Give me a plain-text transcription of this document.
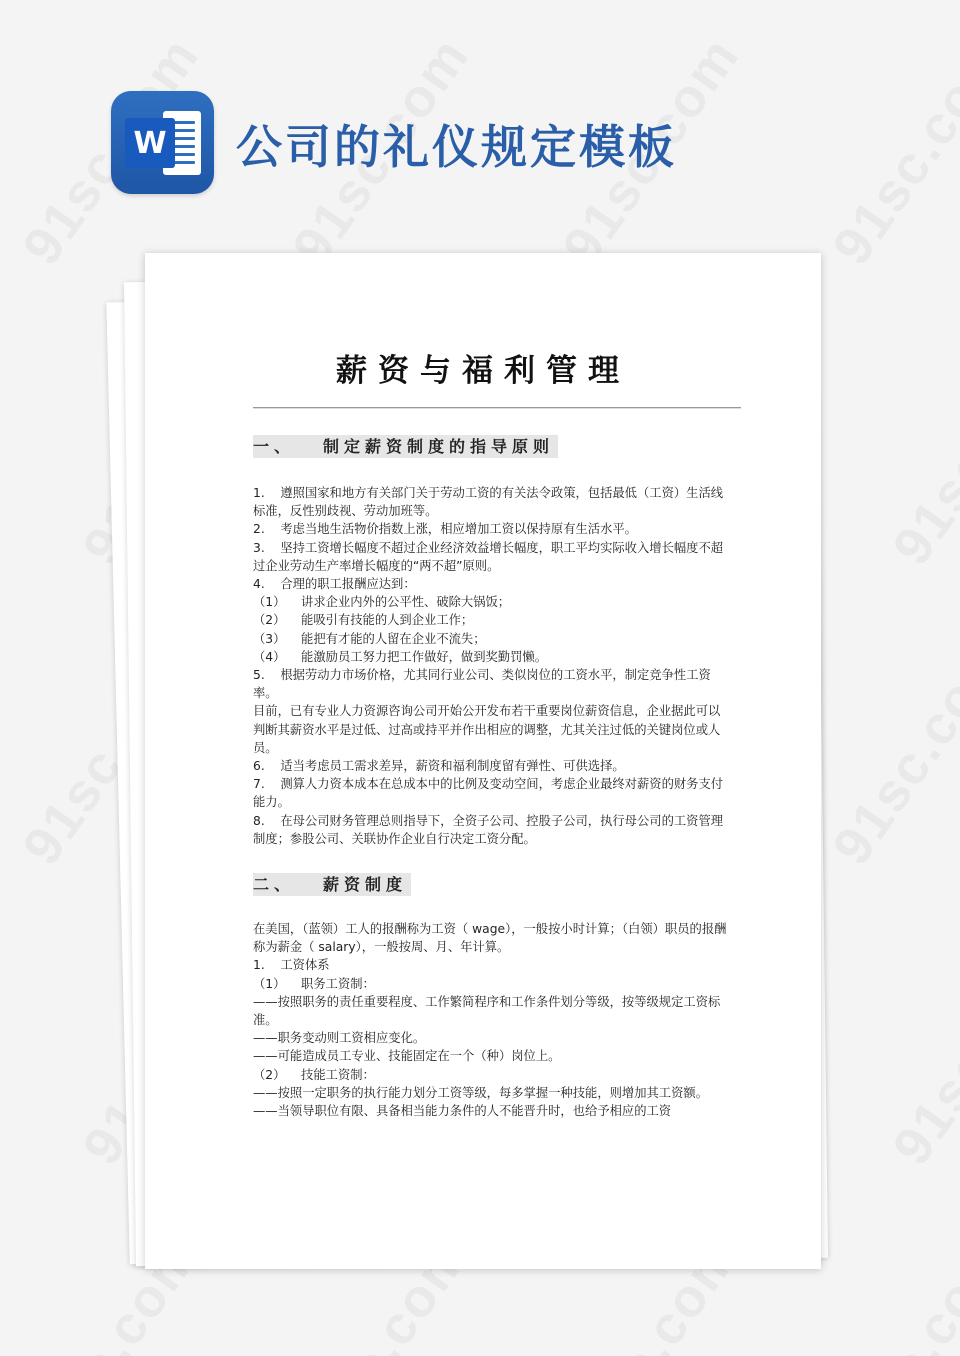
W 公司的礼仪规定模板
薪资与福利管理
一、 制定薪资制度的指导原则

1.    遵照国家和地方有关部门关于劳动工资的有关法令政策，包括最低（工资）生活线标准，反性别歧视、劳动加班等。

2.    考虑当地生活物价指数上涨，相应增加工资以保持原有生活水平。

3.    坚持工资增长幅度不超过企业经济效益增长幅度，职工平均实际收入增长幅度不超过企业劳动生产率增长幅度的“两不超”原则。

4.    合理的职工报酬应达到：

（1）    讲求企业内外的公平性、破除大锅饭；

（2）    能吸引有技能的人到企业工作；

（3）    能把有才能的人留在企业不流失；

（4）    能激励员工努力把工作做好，做到奖勤罚懒。

5.    根据劳动力市场价格，尤其同行业公司、类似岗位的工资水平，制定竞争性工资率。

目前，已有专业人力资源咨询公司开始公开发布若干重要岗位薪资信息，企业据此可以判断其薪资水平是过低、过高或持平并作出相应的调整，尤其关注过低的关键岗位或人员。

6.    适当考虑员工需求差异，薪资和福利制度留有弹性、可供选择。

7.    测算人力资本成本在总成本中的比例及变动空间，考虑企业最终对薪资的财务支付能力。

8.    在母公司财务管理总则指导下，全资子公司、控股子公司，执行母公司的工资管理制度；参股公司、关联协作企业自行决定工资分配。

二、 薪资制度

在美国，（蓝领）工人的报酬称为工资（ wage），一般按小时计算；（白领）职员的报酬称为薪金（ salary），一般按周、月、年计算。

1.    工资体系

（1）    职务工资制：

——按照职务的责任重要程度、工作繁简程序和工作条件划分等级，按等级规定工资标准。

——职务变动则工资相应变化。

——可能造成员工专业、技能固定在一个（种）岗位上。

（2）    技能工资制：

——按照一定职务的执行能力划分工资等级，每多掌握一种技能，则增加其工资额。

——当领导职位有限、具备相当能力条件的人不能晋升时，也给予相应的工资
